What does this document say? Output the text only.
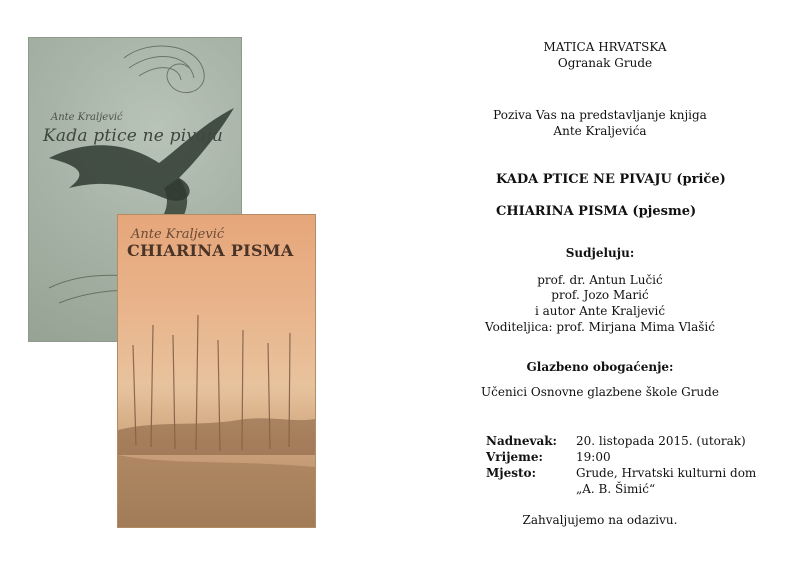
Ante Kraljević
Kada ptice ne pivaju
Ante Kraljević
CHIARINA PISMA
MATICA HRVATSKA
Ogranak Grude
Poziva Vas na predstavljanje knjiga
Ante Kraljevića
KADA PTICE NE PIVAJU (priče)
CHIARINA PISMA (pjesme)
Sudjeluju:
prof. dr. Antun Lučić
prof. Jozo Marić
i autor Ante Kraljević
Voditeljica: prof. Mirjana Mima Vlašić
Glazbeno obogaćenje:
Učenici Osnovne glazbene škole Grude
Nadnevak: 20. listopada 2015. (utorak)
Vrijeme:	19:00
Mjesto:	Grude, Hrvatski kulturni dom
„A. B. Šimić“
Zahvaljujemo na odazivu.
